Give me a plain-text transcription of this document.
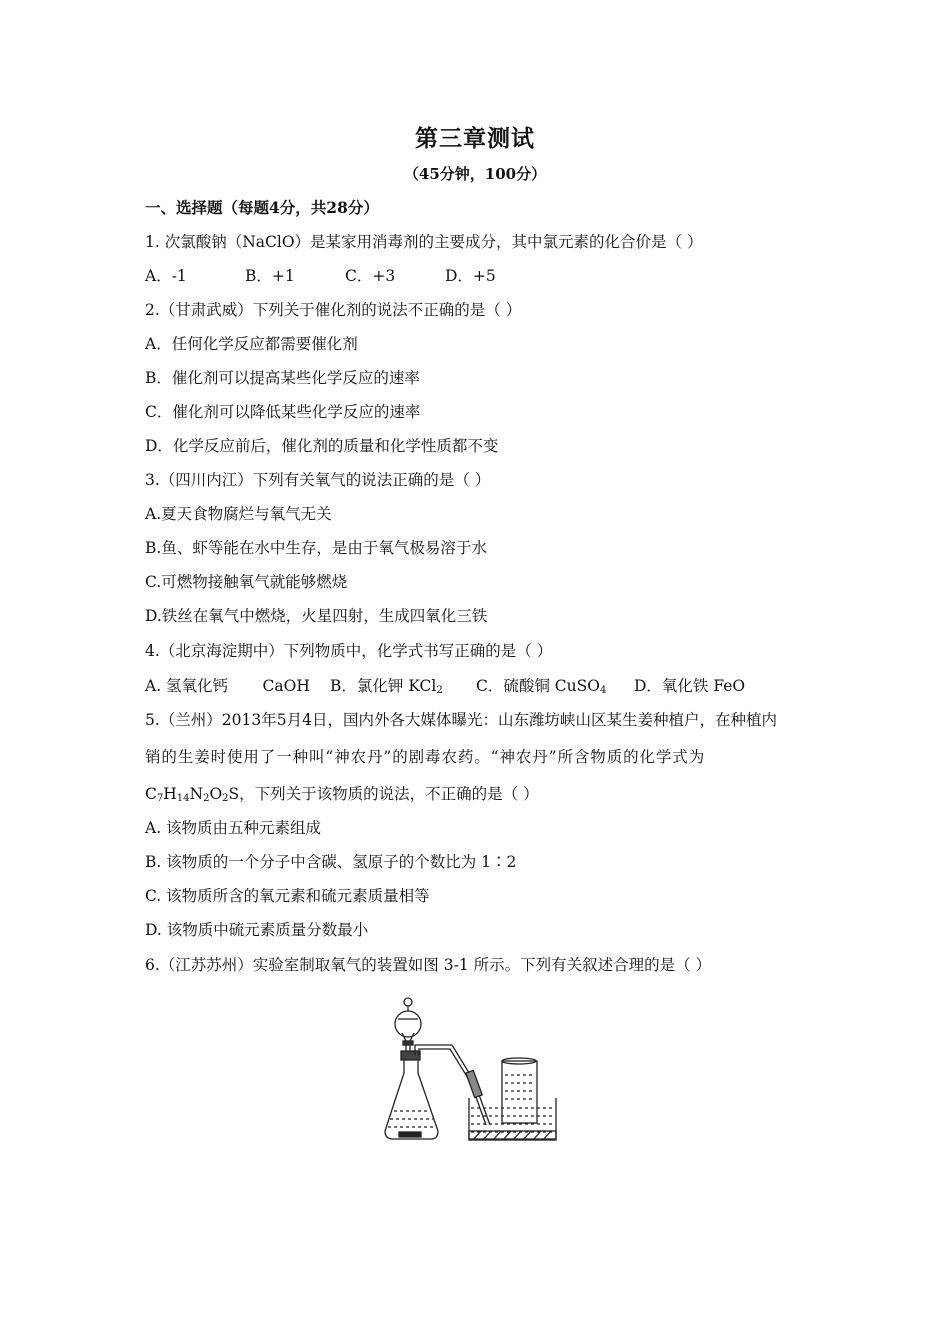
第三章测试
（45分钟，100分）
一、选择题（每题4分，共28分）
1. 次氯酸钠（NaClO）是某家用消毒剂的主要成分，其中氯元素的化合价是（ ）
A．-1	B．+1	C．+3	D．+5
2.（甘肃武威）下列关于催化剂的说法不正确的是（ ）
A．任何化学反应都需要催化剂
B．催化剂可以提高某些化学反应的速率
C．催化剂可以降低某些化学反应的速率
D．化学反应前后，催化剂的质量和化学性质都不变
3.（四川内江）下列有关氧气的说法正确的是（ ）
A.夏天食物腐烂与氧气无关
B.鱼、虾等能在水中生存，是由于氧气极易溶于水
C.可燃物接触氧气就能够燃烧
D.铁丝在氧气中燃烧，火星四射，生成四氧化三铁
4.（北京海淀期中）下列物质中，化学式书写正确的是（ ）
A. 氢氧化钙       CaOH B．氯化钾 KCl$_2$ C．硫酸铜 CuSO$_4$ D．氧化铁 FeO
5.（兰州）2013年5月4日，国内外各大媒体曝光：山东潍坊峡山区某生姜种植户，在种植内
销的生姜时使用了一种叫“神农丹”的剧毒农药。“神农丹”所含物质的化学式为
$C_7H_{14}N_2O_2S$，下列关于该物质的说法，不正确的是（ ）
A. 该物质由五种元素组成
B. 该物质的一个分子中含碳、氢原子的个数比为 1∶2
C. 该物质所含的氧元素和硫元素质量相等
D. 该物质中硫元素质量分数最小
6.（江苏苏州）实验室制取氧气的装置如图 3-1 所示。下列有关叙述合理的是（ ）
